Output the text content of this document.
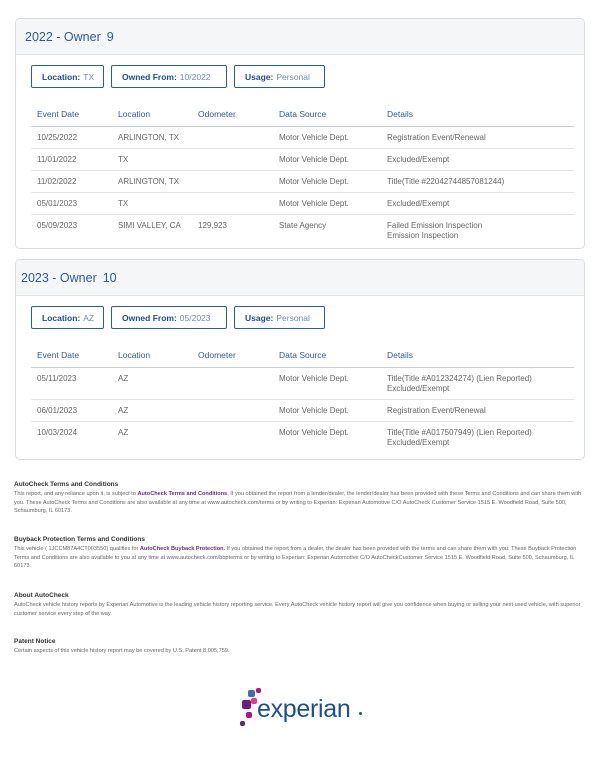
2022 - Owner 9
Location: TX	Owned From: 10/2022	Usage: Personal
Event Date	Location	Odometer	Data Source	Details
10/25/2022	ARLINGTON, TX		Motor Vehicle Dept.	Registration Event/Renewal

11/01/2022	TX		Motor Vehicle Dept.	Excluded/Exempt

11/02/2022	ARLINGTON, TX		Motor Vehicle Dept.	Title(Title #22042744857081244)

05/01/2023	TX		Motor Vehicle Dept.	Excluded/Exempt

05/09/2023	SIMI VALLEY, CA	129,923	State Agency	Failed Emission Inspection
Emission Inspection
2023 - Owner 10
Location: AZ	Owned From: 05/2023	Usage: Personal
Event Date	Location	Odometer	Data Source	Details
05/11/2023	AZ		Motor Vehicle Dept.	Title(Title #A012324274) (Lien Reported)
Excluded/Exempt

06/01/2023	AZ		Motor Vehicle Dept.	Registration Event/Renewal

10/03/2024	AZ		Motor Vehicle Dept.	Title(Title #A017507949) (Lien Reported)
Excluded/Exempt
AutoCheck Terms and Conditions

This report, and any reliance upon it, is subject to AutoCheck Terms and Conditions. If you obtained the report from a lender/dealer, the lender/dealer has been provided with these Terms and Conditions and can share them with you. These AutoCheck Terms and Conditions are also available at any time at www.autocheck.com/terms or by writing to Experian: Experian Automotive C/O AutoCheck Customer Service 1515 E. Woodfield Road, Suite 500, Schaumburg, IL 60173.

Buyback Protection Terms and Conditions

This vehicle ( 1JCCM87A4CT003550) qualifies for AutoCheck Buyback Protection. If you obtained the report from a dealer, the dealer has been provided with the terms and can share them with you. These Buyback Protection Terms and Conditions are also available to you at any time at www.autocheck.com/bbpterms or by writing to Experian: Experian Automotive C/O AutoCheckCustomer Service 1515 E. Woodfield Road, Suite 500, Schaumburg, IL 60173.

About AutoCheck

AutoCheck vehicle history reports by Experian Automotive is the leading vehicle history reporting service. Every AutoCheck vehicle history report will give you confidence when buying or selling your next used vehicle, with superior customer service every step of the way.

Patent Notice

Certain aspects of this vehicle history report may be covered by U.S. Patent 8,005,759.

experian
